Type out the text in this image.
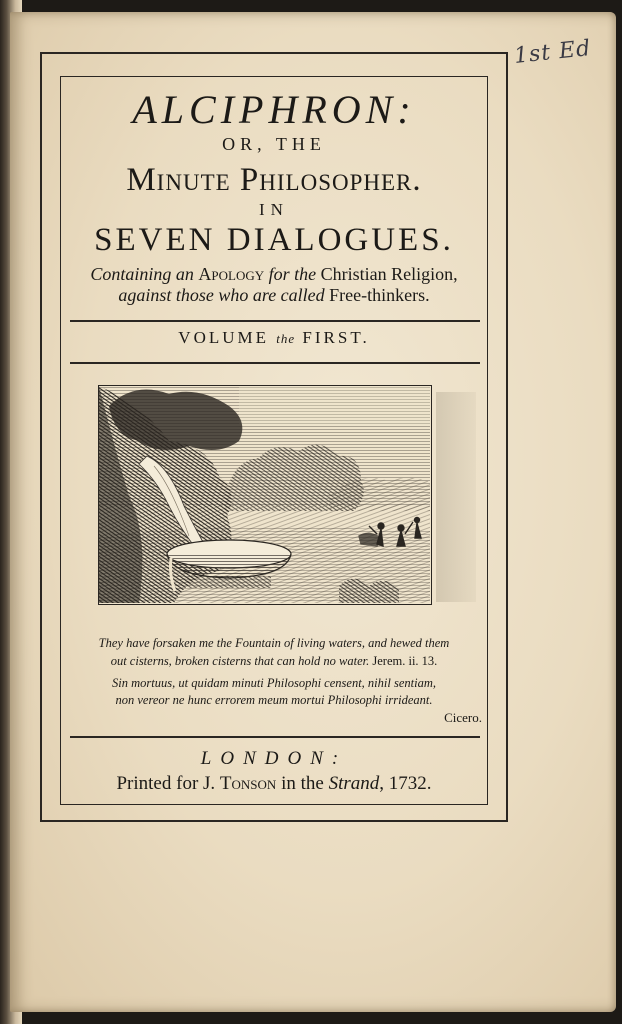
1st Ed
ALCIPHRON:
OR, THE
Minute Philosopher.
IN
SEVEN DIALOGUES.
Containing an Apology for the Christian Religion,
against those who are called Free-thinkers.
VOLUME the FIRST.
They have forsaken me the Fountain of living waters, and hewed them
out cisterns, broken cisterns that can hold no water. Jerem. ii. 13.
Sin mortuus, ut quidam minuti Philosophi censent, nihil sentiam,
non vereor ne hunc errorem meum mortui Philosophi irrideant.
Cicero.
LONDON:
Printed for J. Tonson in the Strand, 1732.
